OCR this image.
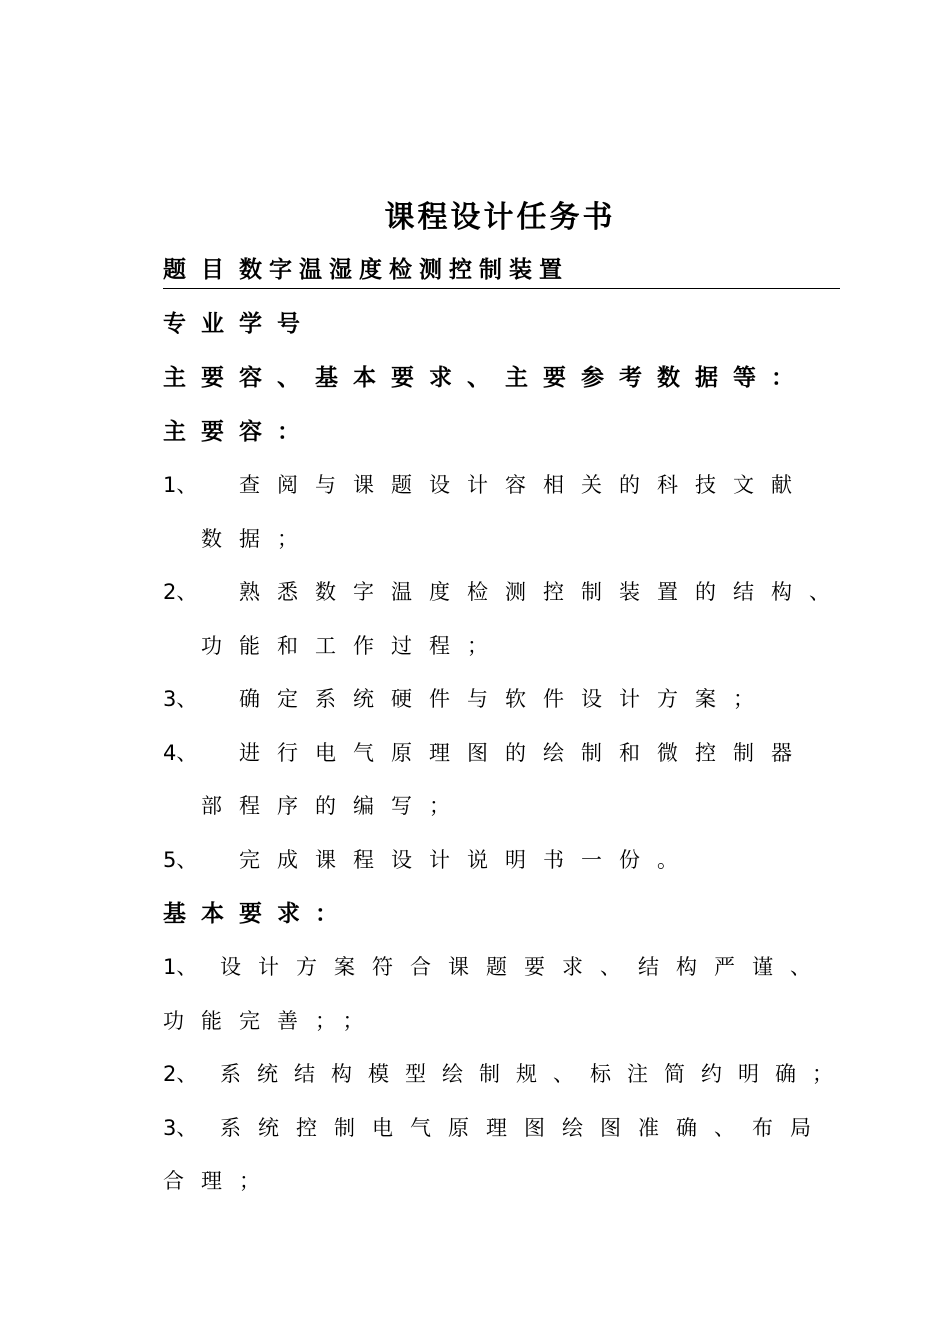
课程设计任务书
题目数字温湿度检测控制装置

专业学号

主要容、基本要求、主要参考数据等：

主要容：

1、 查阅与课题设计容相关的科技文献

数据；

2、 熟悉数字温度检测控制装置的结构、

功能和工作过程；

3、 确定系统硬件与软件设计方案；

4、 进行电气原理图的绘制和微控制器

部程序的编写；

5、 完成课程设计说明书一份。

基本要求：

1、 设计方案符合课题要求、结构严谨、

功能完善；；

2、 系统结构模型绘制规、标注简约明确；

3、 系统控制电气原理图绘图准确、布局

合理；
